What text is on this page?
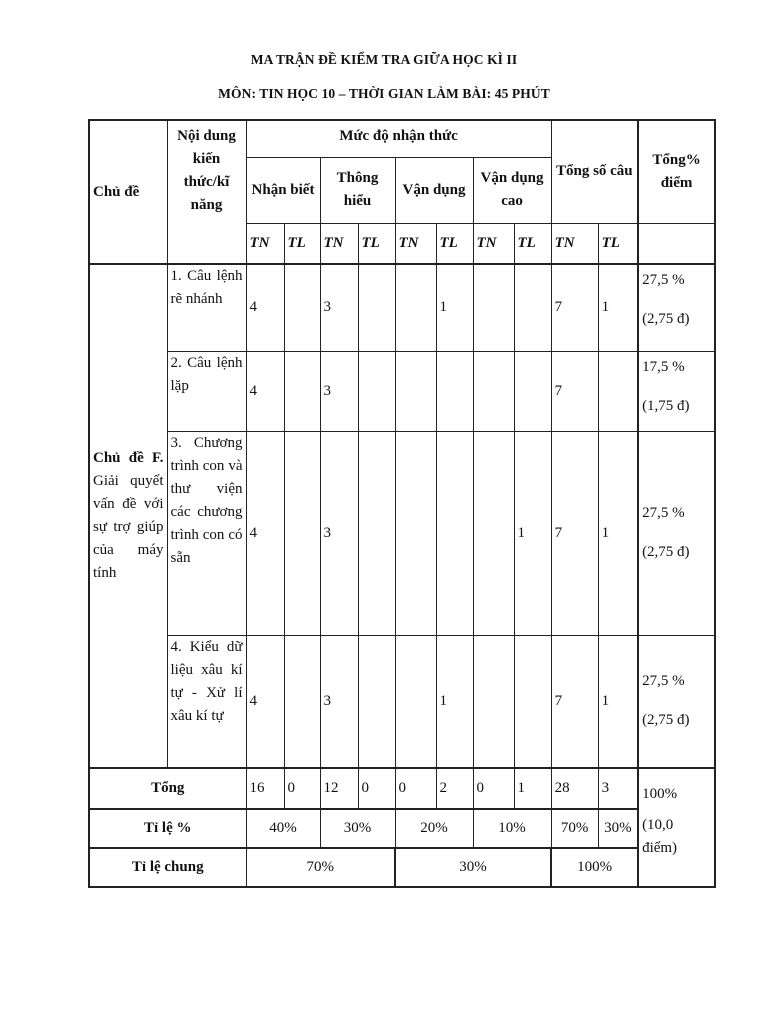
MA TRẬN ĐỀ KIỂM TRA GIỮA HỌC KÌ II
MÔN: TIN HỌC 10 – THỜI GIAN LÀM BÀI: 45 PHÚT
Chủ đề	Nội dung kiến thức/kĩ năng	Mức độ nhận thức								Tổng số câu		Tổng% điểm
		Nhận biết		Thông hiểu		Vận dụng		Vận dụng cao				
		TN	TL	TN	TL	TN	TL	TN	TL	TN	TL	
Chủ đề F. Giải quyết vấn đề với sự trợ giúp của máy tính	1. Câu lệnh rẽ nhánh	4		3			1			7	1	27,5 %
(2,75 đ)

	2. Câu lệnh lặp	4		3						7		17,5 %
(1,75 đ)

	3. Chương trình con và thư viện các chương trình con có sẵn	4		3					1	7	1	27,5 %
(2,75 đ)

	4. Kiểu dữ liệu xâu kí tự - Xử lí xâu kí tự	4		3			1			7	1	27,5 %
(2,75 đ)

Tổng		16	0	12	0	0	2	0	1	28	3	100%
(10,0 điểm)

Tỉ lệ %		40%		30%		20%		10%		70%	30%	
Tỉ lệ chung		70%				30%				100%		
